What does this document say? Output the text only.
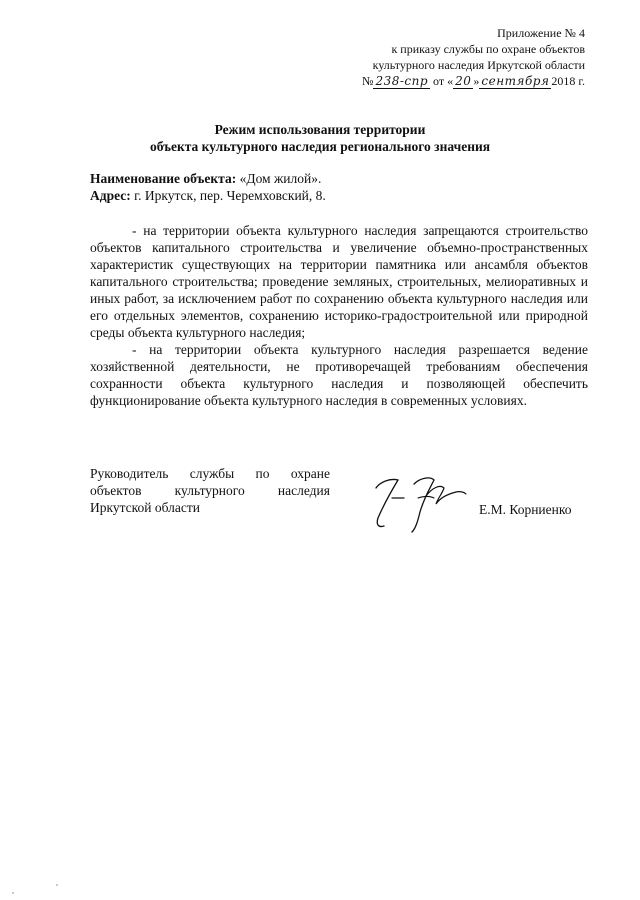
Приложение № 4
к приказу службы по охране объектов
культурного наследия Иркутской области
№ 238-спр от « 20 » сентября 2018 г.
Режим использования территории
объекта культурного наследия регионального значения
Наименование объекта: «Дом жилой».
Адрес: г. Иркутск, пер. Черемховский, 8.

- на территории объекта культурного наследия запрещаются строительство объектов капитального строительства и увеличение объемно-пространственных характеристик существующих на территории памятника или ансамбля объектов капитального строительства; проведение земляных, строительных, мелиоративных и иных работ, за исключением работ по сохранению объекта культурного наследия или его отдельных элементов, сохранению историко-градостроительной или природной среды объекта культурного наследия;

- на территории объекта культурного наследия разрешается ведение хозяйственной деятельности, не противоречащей требованиям обеспечения сохранности объекта культурного наследия и позволяющей обеспечить функционирование объекта культурного наследия в современных условиях.

Руководитель службы по охране
объектов культурного наследия
Иркутской области	Е.М. Корниенко
